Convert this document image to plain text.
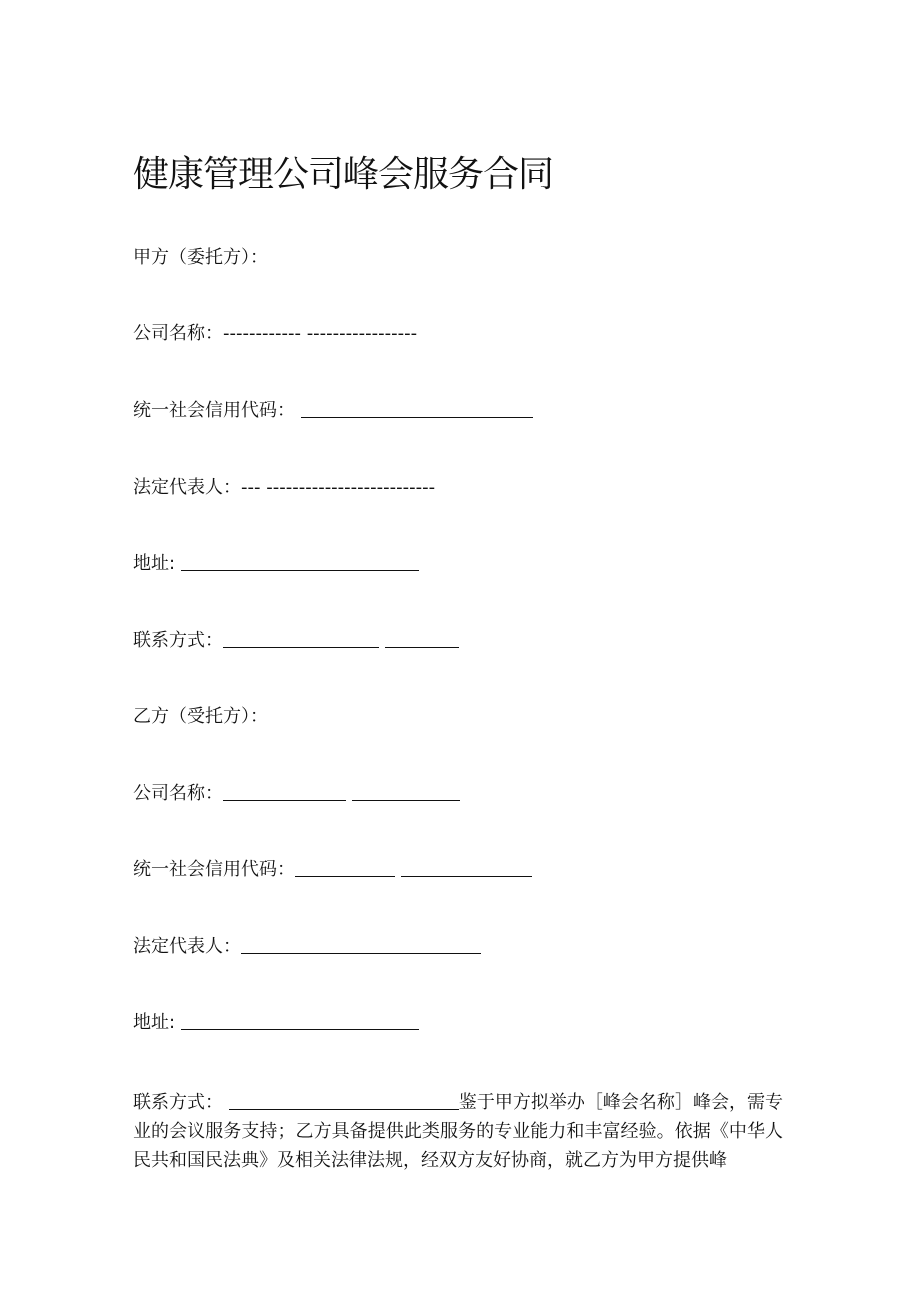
健康管理公司峰会服务合同
甲方（委托方）：
公司名称：------------ -----------------
统一社会信用代码：
法定代表人：--- --------------------------
地址:
联系方式：
乙方（受托方）：
公司名称：
统一社会信用代码：
法定代表人：
地址:
联系方式：	鉴于甲方拟举办［峰会名称］峰会，需专业的会议服务支持；乙方具备提供此类服务的专业能力和丰富经验。依据《中华人民共和国民法典》及相关法律法规，经双方友好协商，就乙方为甲方提供峰
